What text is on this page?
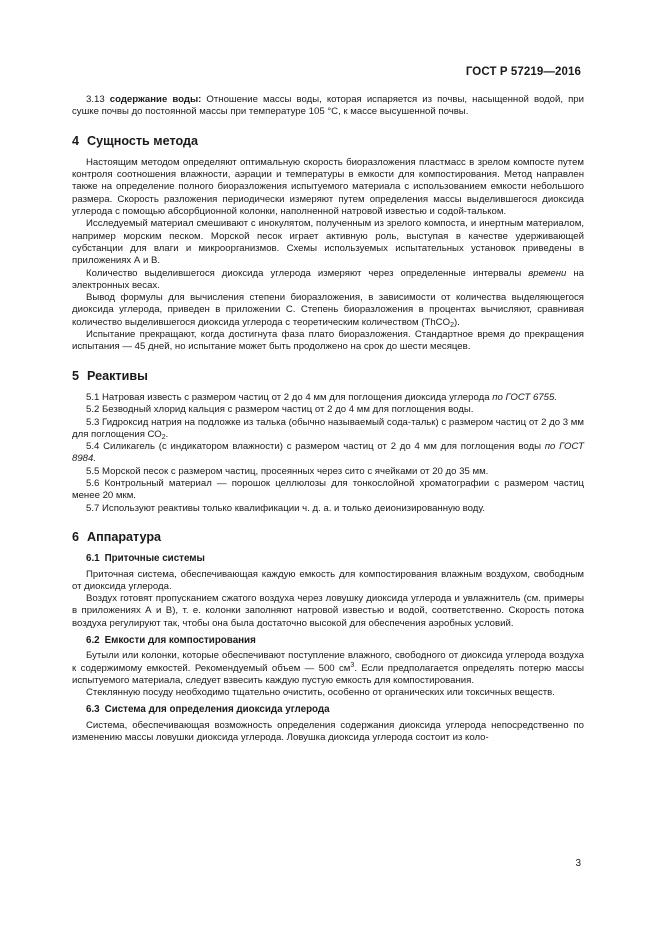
ГОСТ Р 57219—2016

3.13 содержание воды: Отношение массы воды, которая испаряется из почвы, насыщенной водой, при сушке почвы до постоянной массы при температуре 105 °С, к массе высушенной почвы.

4 Сущность метода

Настоящим методом определяют оптимальную скорость биоразложения пластмасс в зрелом компосте путем контроля соотношения влажности, аэрации и температуры в емкости для компостирования. Метод направлен также на определение полного биоразложения испытуемого материала с использованием емкости небольшого размера. Скорость разложения периодически измеряют путем определения массы выделившегося диоксида углерода с помощью абсорбционной колонки, наполненной натровой известью и содой-тальком.

Исследуемый материал смешивают с инокулятом, полученным из зрелого компоста, и инертным материалом, например морским песком. Морской песок играет активную роль, выступая в качестве удерживающей субстанции для влаги и микроорганизмов. Схемы используемых испытательных установок приведены в приложениях А и В.

Количество выделившегося диоксида углерода измеряют через определенные интервалы времени на электронных весах.

Вывод формулы для вычисления степени биоразложения, в зависимости от количества выделяющегося диоксида углерода, приведен в приложении С. Степень биоразложения в процентах вычисляют, сравнивая количество выделившегося диоксида углерода с теоретическим количеством (ThCO$_2$).

Испытание прекращают, когда достигнута фаза плато биоразложения. Стандартное время до прекращения испытания — 45 дней, но испытание может быть продолжено на срок до шести месяцев.

5 Реактивы

5.1 Натровая известь с размером частиц от 2 до 4 мм для поглощения диоксида углерода по ГОСТ 6755.

5.2 Безводный хлорид кальция с размером частиц от 2 до 4 мм для поглощения воды.

5.3 Гидроксид натрия на подложке из талька (обычно называемый сода-тальк) с размером частиц от 2 до 3 мм для поглощения $СО_2$.

5.4 Силикагель (с индикатором влажности) с размером частиц от 2 до 4 мм для поглощения воды по ГОСТ 8984.

5.5 Морской песок с размером частиц, просеянных через сито с ячейками от 20 до 35 мм.

5.6 Контрольный материал — порошок целлюлозы для тонкослойной хроматографии с размером частиц менее 20 мкм.

5.7 Используют реактивы только квалификации ч. д. а. и только деионизированную воду.

6 Аппаратура
6.1 Приточные системы

Приточная система, обеспечивающая каждую емкость для компостирования влажным воздухом, свободным от диоксида углерода.

Воздух готовят пропусканием сжатого воздуха через ловушку диоксида углерода и увлажнитель (см. примеры в приложениях А и В), т. е. колонки заполняют натровой известью и водой, соответственно. Скорость потока воздуха регулируют так, чтобы она была достаточно высокой для обеспечения аэробных условий.

6.2 Емкости для компостирования

Бутыли или колонки, которые обеспечивают поступление влажного, свободного от диоксида углерода воздуха к содержимому емкостей. Рекомендуемый объем — 500 $см^3$. Если предполагается определять потерю массы испытуемого материала, следует взвесить каждую пустую емкость для компостирования.

Стеклянную посуду необходимо тщательно очистить, особенно от органических или токсичных веществ.

6.3 Система для определения диоксида углерода

Система, обеспечивающая возможность определения содержания диоксида углерода непосредственно по изменению массы ловушки диоксида углерода. Ловушка диоксида углерода состоит из коло-

3
